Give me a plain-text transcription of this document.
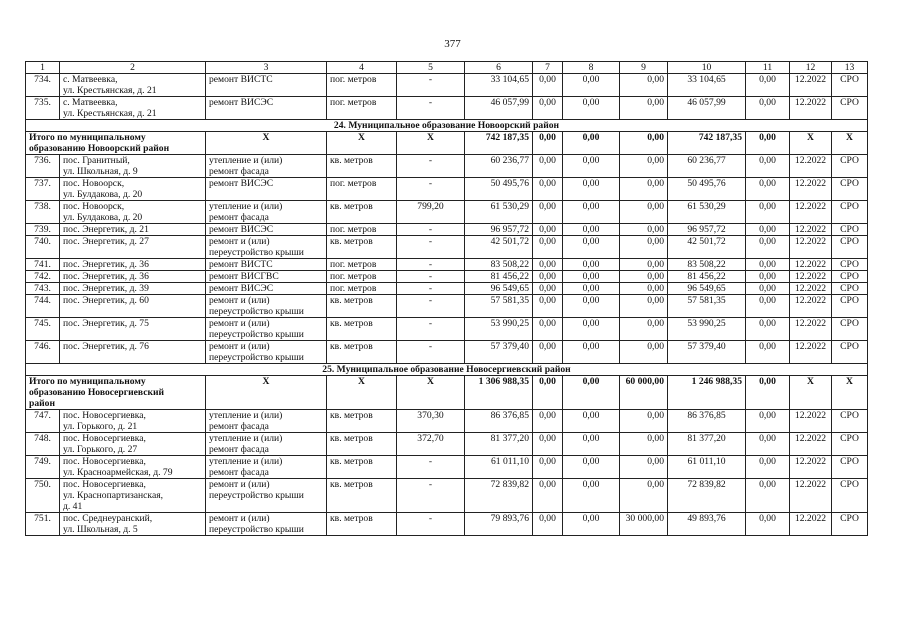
377
1	2	3	4	5	6	7	8	9	10	11	12	13

734.	с. Матвеевка,
ул. Крестьянская, д. 21	ремонт ВИСТС	пог. метров	-	33 104,65	0,00	0,00	0,00	33 104,65	0,00	12.2022	СРО

735.	с. Матвеевка,
ул. Крестьянская, д. 21	ремонт ВИСЭС	пог. метров	-	46 057,99	0,00	0,00	0,00	46 057,99	0,00	12.2022	СРО

24. Муниципальное образование Новоорский район												

Итого по муниципальному
образованию Новоорский район		Х	Х	Х	742 187,35	0,00	0,00	0,00	742 187,35	0,00	Х	Х

736.	пос. Гранитный,
ул. Школьная, д. 9	утепление и (или)
ремонт фасада	кв. метров	-	60 236,77	0,00	0,00	0,00	60 236,77	0,00	12.2022	СРО

737.	пос. Новоорск,
ул. Булдакова, д. 20	ремонт ВИСЭС	пог. метров	-	50 495,76	0,00	0,00	0,00	50 495,76	0,00	12.2022	СРО

738.	пос. Новоорск,
ул. Булдакова, д. 20	утепление и (или)
ремонт фасада	кв. метров	799,20	61 530,29	0,00	0,00	0,00	61 530,29	0,00	12.2022	СРО

739.	пос. Энергетик, д. 21	ремонт ВИСЭС	пог. метров	-	96 957,72	0,00	0,00	0,00	96 957,72	0,00	12.2022	СРО

740.	пос. Энергетик, д. 27	ремонт и (или)
переустройство крыши	кв. метров	-	42 501,72	0,00	0,00	0,00	42 501,72	0,00	12.2022	СРО

741.	пос. Энергетик, д. 36	ремонт ВИСТС	пог. метров	-	83 508,22	0,00	0,00	0,00	83 508,22	0,00	12.2022	СРО

742.	пос. Энергетик, д. 36	ремонт ВИСГВС	пог. метров	-	81 456,22	0,00	0,00	0,00	81 456,22	0,00	12.2022	СРО

743.	пос. Энергетик, д. 39	ремонт ВИСЭС	пог. метров	-	96 549,65	0,00	0,00	0,00	96 549,65	0,00	12.2022	СРО

744.	пос. Энергетик, д. 60	ремонт и (или)
переустройство крыши	кв. метров	-	57 581,35	0,00	0,00	0,00	57 581,35	0,00	12.2022	СРО

745.	пос. Энергетик, д. 75	ремонт и (или)
переустройство крыши	кв. метров	-	53 990,25	0,00	0,00	0,00	53 990,25	0,00	12.2022	СРО

746.	пос. Энергетик, д. 76	ремонт и (или)
переустройство крыши	кв. метров	-	57 379,40	0,00	0,00	0,00	57 379,40	0,00	12.2022	СРО

25. Муниципальное образование Новосергиевский район												

Итого по муниципальному
образованию Новосергиевский
район		Х	Х	Х	1 306 988,35	0,00	0,00	60 000,00	1 246 988,35	0,00	Х	Х

747.	пос. Новосергиевка,
ул. Горького, д. 21	утепление и (или)
ремонт фасада	кв. метров	370,30	86 376,85	0,00	0,00	0,00	86 376,85	0,00	12.2022	СРО

748.	пос. Новосергиевка,
ул. Горького, д. 27	утепление и (или)
ремонт фасада	кв. метров	372,70	81 377,20	0,00	0,00	0,00	81 377,20	0,00	12.2022	СРО

749.	пос. Новосергиевка,
ул. Красноармейская, д. 79	утепление и (или)
ремонт фасада	кв. метров	-	61 011,10	0,00	0,00	0,00	61 011,10	0,00	12.2022	СРО

750.	пос. Новосергиевка,
ул. Краснопартизанская,
д. 41	ремонт и (или)
переустройство крыши	кв. метров	-	72 839,82	0,00	0,00	0,00	72 839,82	0,00	12.2022	СРО

751.	пос. Среднеуранский,
ул. Школьная, д. 5	ремонт и (или)
переустройство крыши	кв. метров	-	79 893,76	0,00	0,00	30 000,00	49 893,76	0,00	12.2022	СРО
